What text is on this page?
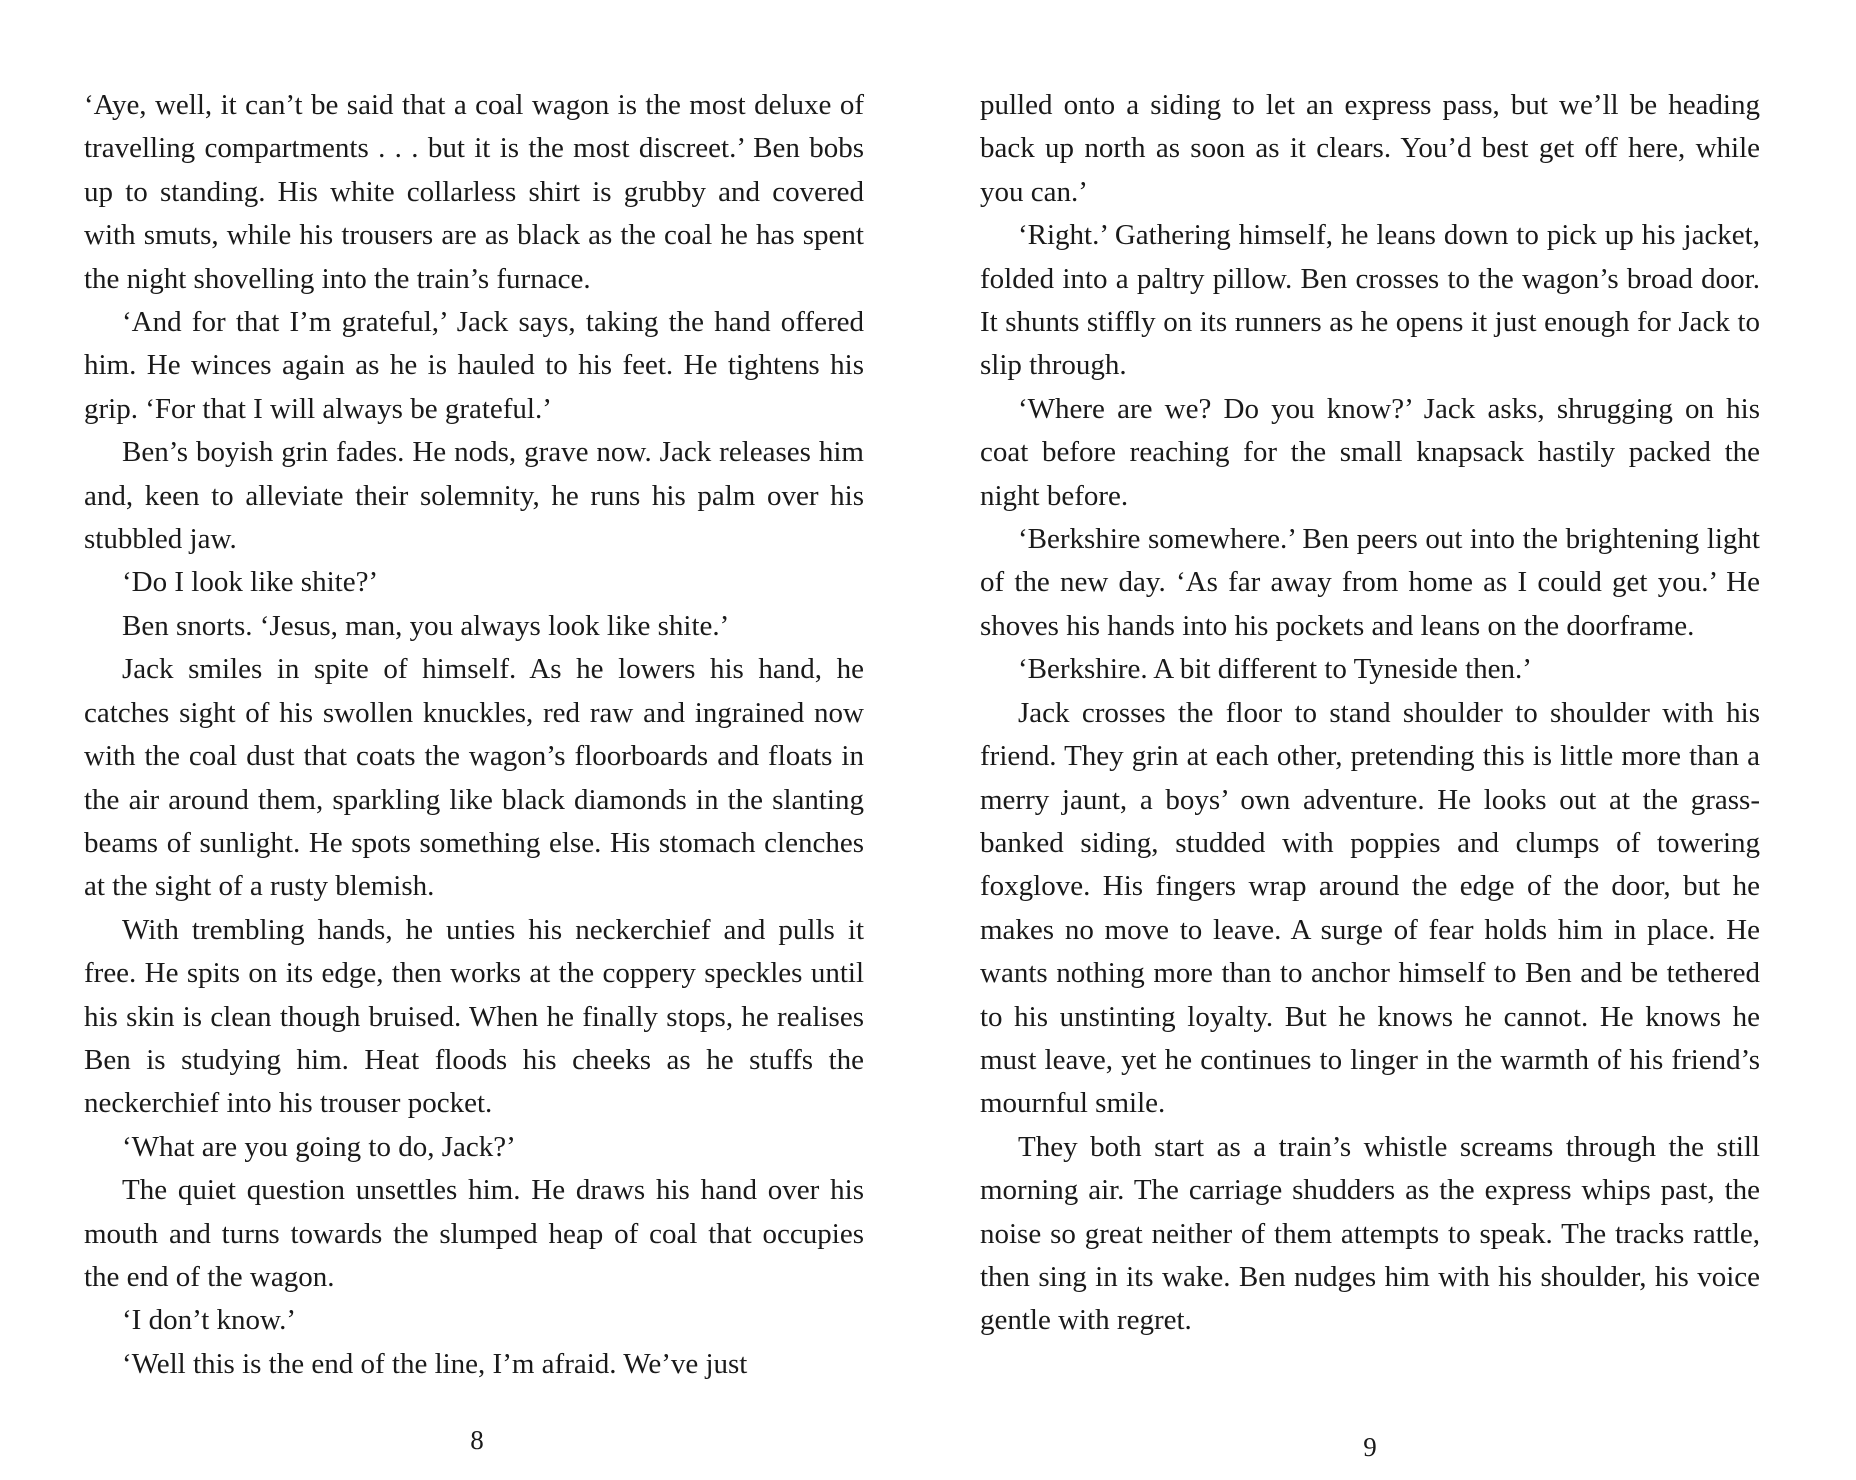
‘Aye, well, it can’t be said that a coal wagon is the most deluxe of travelling compartments . . . but it is the most discreet.’ Ben bobs up to standing. His white collarless shirt is grubby and covered with smuts, while his trousers are as black as the coal he has spent the night shovelling into the train’s furnace.

‘And for that I’m grateful,’ Jack says, taking the hand offered him. He winces again as he is hauled to his feet. He tightens his grip. ‘For that I will always be grateful.’

Ben’s boyish grin fades. He nods, grave now. Jack releases him and, keen to alleviate their solemnity, he runs his palm over his stubbled jaw.

‘Do I look like shite?’

Ben snorts. ‘Jesus, man, you always look like shite.’

Jack smiles in spite of himself. As he lowers his hand, he catches sight of his swollen knuckles, red raw and ingrained now with the coal dust that coats the wagon’s floorboards and floats in the air around them, sparkling like black diamonds in the slanting beams of sunlight. He spots something else. His stomach clenches at the sight of a rusty blemish.

With trembling hands, he unties his neckerchief and pulls it free. He spits on its edge, then works at the coppery speckles until his skin is clean though bruised. When he finally stops, he realises Ben is studying him. Heat floods his cheeks as he stuffs the neckerchief into his trouser pocket.

‘What are you going to do, Jack?’

The quiet question unsettles him. He draws his hand over his mouth and turns towards the slumped heap of coal that occupies the end of the wagon.

‘I don’t know.’

‘Well this is the end of the line, I’m afraid. We’ve just

8

pulled onto a siding to let an express pass, but we’ll be heading back up north as soon as it clears. You’d best get off here, while you can.’

‘Right.’ Gathering himself, he leans down to pick up his jacket, folded into a paltry pillow. Ben crosses to the wagon’s broad door. It shunts stiffly on its runners as he opens it just enough for Jack to slip through.

‘Where are we? Do you know?’ Jack asks, shrugging on his coat before reaching for the small knapsack hastily packed the night before.

‘Berkshire somewhere.’ Ben peers out into the brightening light of the new day. ‘As far away from home as I could get you.’ He shoves his hands into his pockets and leans on the doorframe.

‘Berkshire. A bit different to Tyneside then.’

Jack crosses the floor to stand shoulder to shoulder with his friend. They grin at each other, pretending this is little more than a merry jaunt, a boys’ own adventure. He looks out at the grass-banked siding, studded with poppies and clumps of towering foxglove. His fingers wrap around the edge of the door, but he makes no move to leave. A surge of fear holds him in place. He wants nothing more than to anchor himself to Ben and be tethered to his unstinting loyalty. But he knows he cannot. He knows he must leave, yet he continues to linger in the warmth of his friend’s mournful smile.

They both start as a train’s whistle screams through the still morning air. The carriage shudders as the express whips past, the noise so great neither of them attempts to speak. The tracks rattle, then sing in its wake. Ben nudges him with his shoulder, his voice gentle with regret.

9
